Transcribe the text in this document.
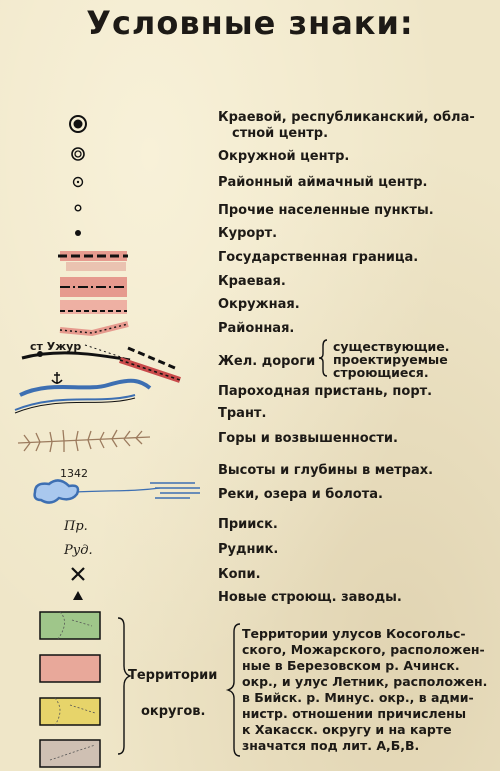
Условные знаки:
ст Ужур
1342
Пр.
Руд.
Краевой, республиканский, обла-
стной центр.
Окружной центр.
Районный аймачный центр.
Прочие населенные пункты.
Курорт.
Государственная граница.
Краевая.
Окружная.
Районная.
Жел. дороги
существующие.
проектируемые
строющиеся.
Пароходная пристань, порт.
Трант.
Горы и возвышенности.
Высоты и глубины в метрах.
Реки, озера и болота.
Прииск.
Рудник.
Копи.
Новые строющ. заводы.
Территории
округов.
Территории улусов Косогольс-
ского, Можарского, расположен-
ные в Березовском р. Ачинск.
окр., и улус Летник, расположен.
в Бийск. р. Минус. окр., в адми-
нистр. отношении причислены
к Хакасск. округу и на карте
значатся под лит. А,Б,В.
